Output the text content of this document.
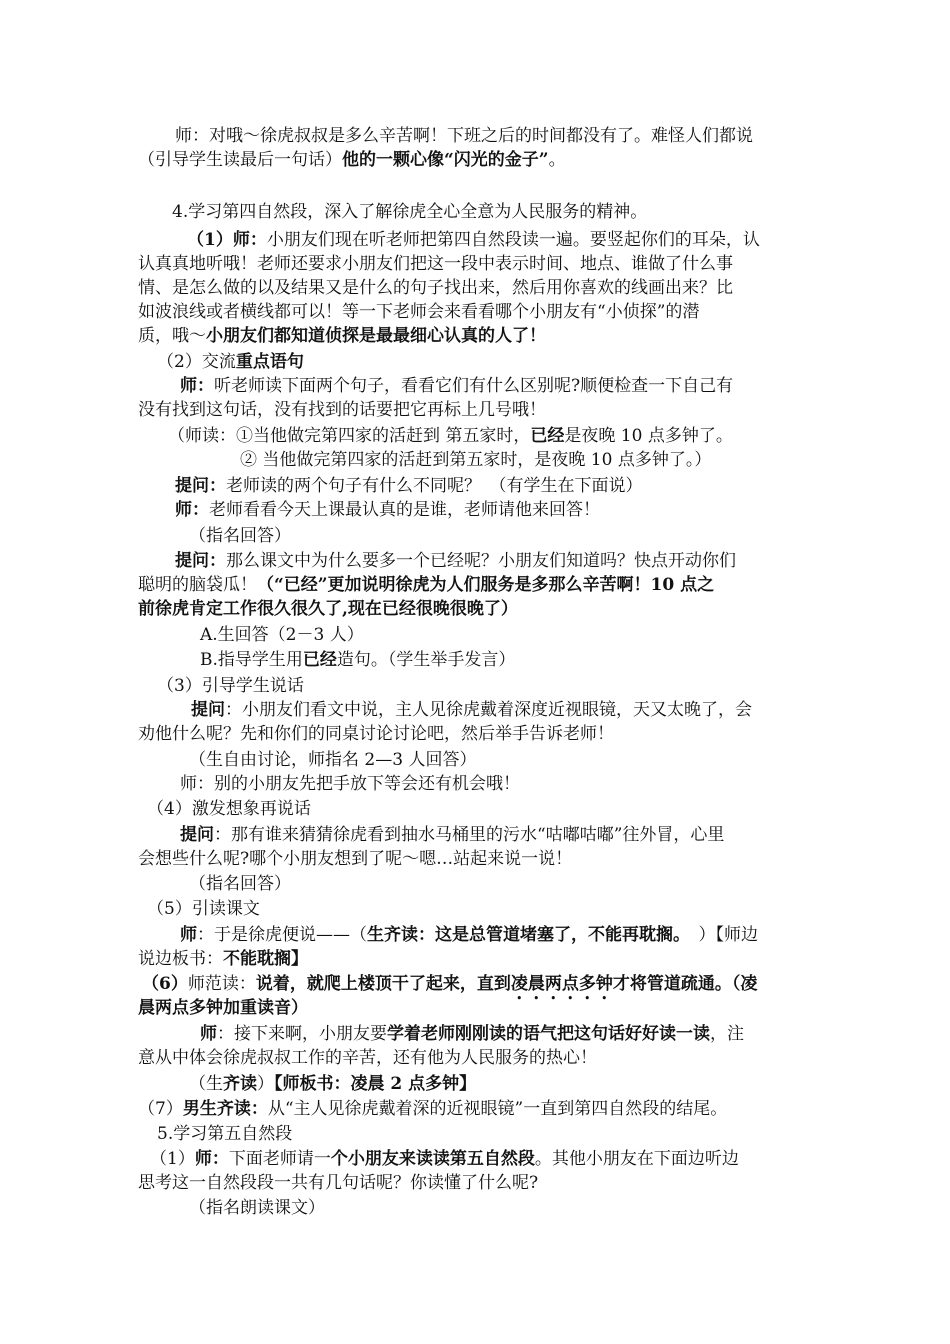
师：对哦～徐虎叔叔是多么辛苦啊！下班之后的时间都没有了。难怪人们都说
（引导学生读最后一句话）他的一颗心像“闪光的金子”。
4.学习第四自然段，深入了解徐虎全心全意为人民服务的精神。
（1）师：小朋友们现在听老师把第四自然段读一遍。要竖起你们的耳朵，认
认真真地听哦！老师还要求小朋友们把这一段中表示时间、地点、谁做了什么事
情、是怎么做的以及结果又是什么的句子找出来，然后用你喜欢的线画出来？比
如波浪线或者横线都可以！等一下老师会来看看哪个小朋友有“小侦探”的潜
质，哦～小朋友们都知道侦探是最最细心认真的人了！
（2）交流重点语句
师：听老师读下面两个句子，看看它们有什么区别呢?顺便检查一下自己有
没有找到这句话，没有找到的话要把它再标上几号哦！
（师读：①当他做完第四家的活赶到 第五家时，已经是夜晚 10 点多钟了。
② 当他做完第四家的活赶到第五家时，是夜晚 10 点多钟了。）
提问：老师读的两个句子有什么不同呢？　（有学生在下面说）
师：老师看看今天上课最认真的是谁，老师请他来回答！
（指名回答）
提问：那么课文中为什么要多一个已经呢？小朋友们知道吗？快点开动你们
聪明的脑袋瓜！（“已经”更加说明徐虎为人们服务是多那么辛苦啊！10 点之
前徐虎肯定工作很久很久了,现在已经很晚很晚了）
A.生回答（2－3 人）
B.指导学生用已经造句。（学生举手发言）
（3）引导学生说话
提问：小朋友们看文中说，主人见徐虎戴着深度近视眼镜，天又太晚了，会
劝他什么呢？先和你们的同桌讨论讨论吧，然后举手告诉老师！
（生自由讨论，师指名 2—3 人回答）
师：别的小朋友先把手放下等会还有机会哦！
（4）激发想象再说话
提问：那有谁来猜猜徐虎看到抽水马桶里的污水“咕嘟咕嘟”往外冒，心里
会想些什么呢?哪个小朋友想到了呢～嗯…站起来说一说！
（指名回答）
（5）引读课文
师：于是徐虎便说——（生齐读：这是总管道堵塞了，不能再耽搁。　）【师边
说边板书：不能耽搁】
（6）师范读：说着，就爬上楼顶干了起来，直到凌晨两点多钟才将管道疏通。（凌
晨两点多钟加重读音）
师：接下来啊，小朋友要学着老师刚刚读的语气把这句话好好读一读，注
意从中体会徐虎叔叔工作的辛苦，还有他为人民服务的热心！
（生齐读）【师板书：凌晨 2 点多钟】
（7）男生齐读：从“主人见徐虎戴着深的近视眼镜”一直到第四自然段的结尾。
5.学习第五自然段
（1）师：下面老师请一个小朋友来读读第五自然段。其他小朋友在下面边听边
思考这一自然段段一共有几句话呢？你读懂了什么呢?
（指名朗读课文）
